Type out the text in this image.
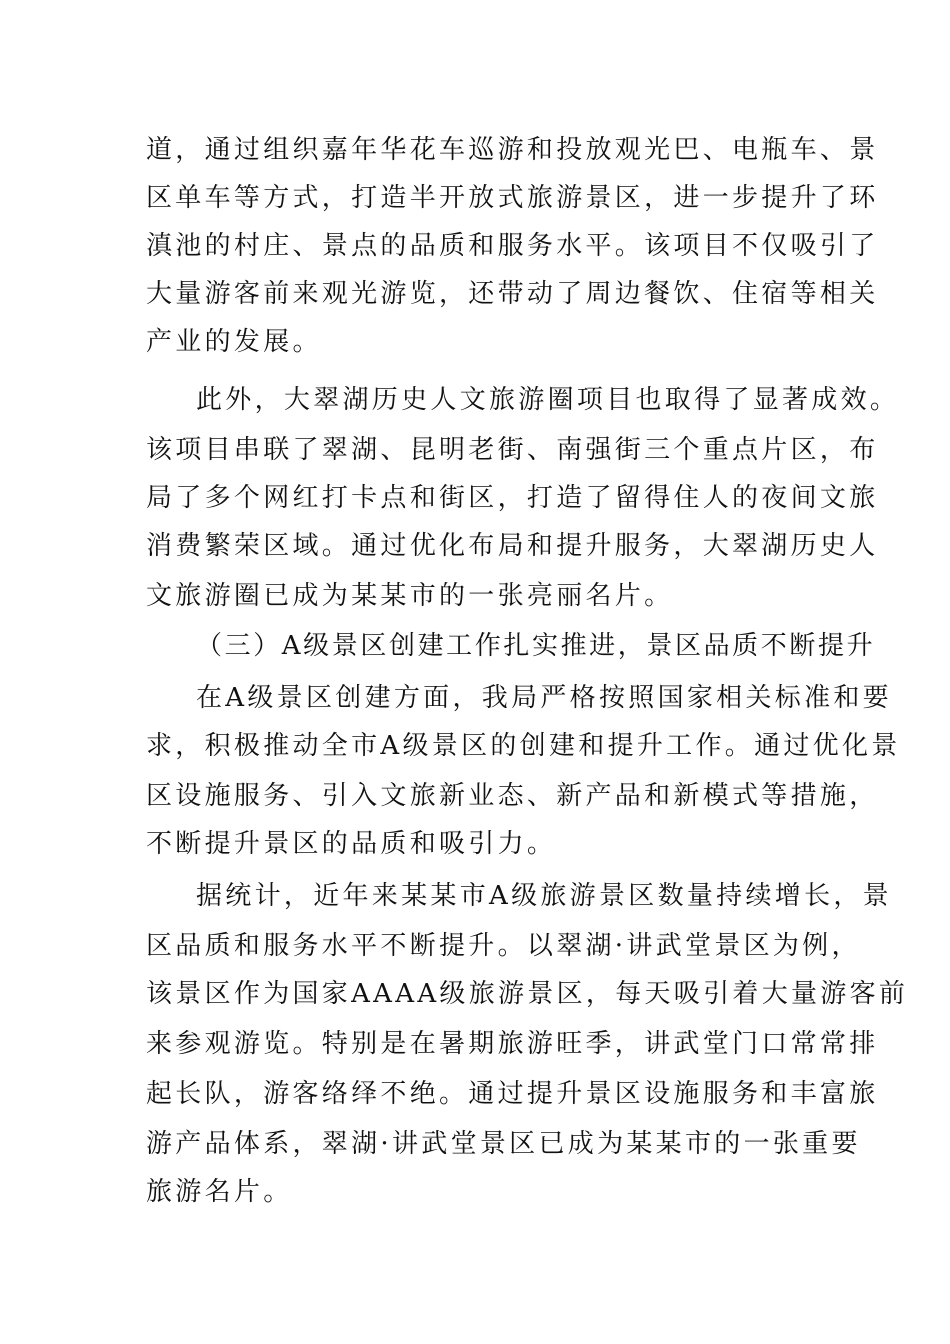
道，通过组织嘉年华花车巡游和投放观光巴、电瓶车、景
区单车等方式，打造半开放式旅游景区，进一步提升了环
滇池的村庄、景点的品质和服务水平。该项目不仅吸引了
大量游客前来观光游览，还带动了周边餐饮、住宿等相关
产业的发展。
此外，大翠湖历史人文旅游圈项目也取得了显著成效。
该项目串联了翠湖、昆明老街、南强街三个重点片区，布
局了多个网红打卡点和街区，打造了留得住人的夜间文旅
消费繁荣区域。通过优化布局和提升服务，大翠湖历史人
文旅游圈已成为某某市的一张亮丽名片。
（三）A级景区创建工作扎实推进，景区品质不断提升
在A级景区创建方面，我局严格按照国家相关标准和要
求，积极推动全市A级景区的创建和提升工作。通过优化景
区设施服务、引入文旅新业态、新产品和新模式等措施，
不断提升景区的品质和吸引力。
据统计，近年来某某市A级旅游景区数量持续增长，景
区品质和服务水平不断提升。以翠湖·讲武堂景区为例，
该景区作为国家AAAA级旅游景区，每天吸引着大量游客前
来参观游览。特别是在暑期旅游旺季，讲武堂门口常常排
起长队，游客络绎不绝。通过提升景区设施服务和丰富旅
游产品体系，翠湖·讲武堂景区已成为某某市的一张重要
旅游名片。
